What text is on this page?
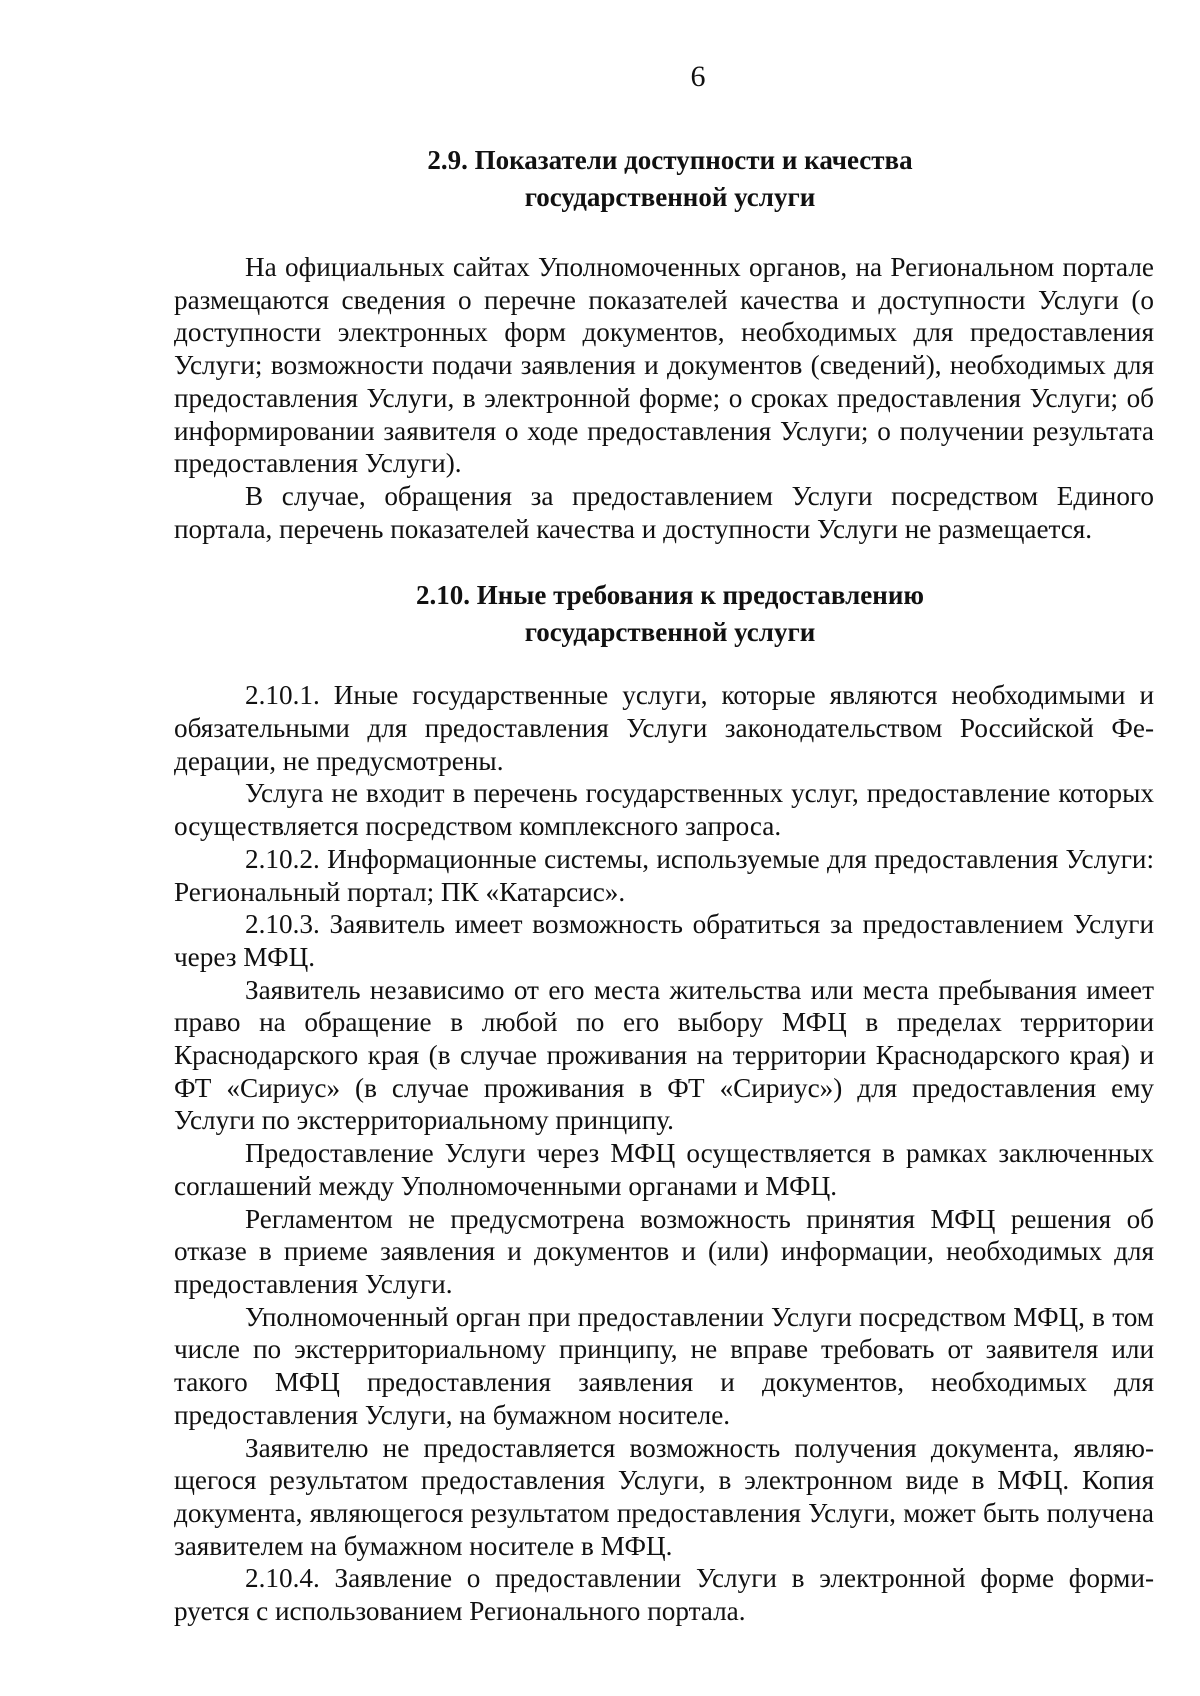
6
2.9. Показатели доступности и качества
государственной услуги

На официальных сайтах Уполномоченных органов, на Региональном портале размещаются сведения о перечне показателей качества и доступности Услуги (о доступности электронных форм документов, необходимых для предоставления Услуги; возможности подачи заявления и документов (сведений), необходимых для предоставления Услуги, в электронной форме; о сроках предоставления Услуги; об информировании заявителя о ходе предоставления Услуги; о получении результата предоставления Услуги).

В случае, обращения за предоставлением Услуги посредством Единого портала, перечень показателей качества и доступности Услуги не размещается.

2.10. Иные требования к предоставлению
государственной услуги

2.10.1. Иные государственные услуги, которые являются необходимыми и обязательными для предоставления Услуги законодательством Российской Федерации, не предусмотрены.

Услуга не входит в перечень государственных услуг, предоставление которых осуществляется посредством комплексного запроса.

2.10.2. Информационные системы, используемые для предоставления Услуги: Региональный портал; ПК «Катарсис».

2.10.3. Заявитель имеет возможность обратиться за предоставлением Услуги через МФЦ.

Заявитель независимо от его места жительства или места пребывания имеет право на обращение в любой по его выбору МФЦ в пределах территории Краснодарского края (в случае проживания на территории Краснодарского края) и ФТ «Сириус» (в случае проживания в ФТ «Сириус») для предоставления ему Услуги по экстерриториальному принципу.

Предоставление Услуги через МФЦ осуществляется в рамках заключенных соглашений между Уполномоченными органами и МФЦ.

Регламентом не предусмотрена возможность принятия МФЦ решения об отказе в приеме заявления и документов и (или) информации, необходимых для предоставления Услуги.

Уполномоченный орган при предоставлении Услуги посредством МФЦ, в том числе по экстерриториальному принципу, не вправе требовать от заявителя или такого МФЦ предоставления заявления и документов, необходимых для предоставления Услуги, на бумажном носителе.

Заявителю не предоставляется возможность получения документа, являющегося результатом предоставления Услуги, в электронном виде в МФЦ. Копия документа, являющегося результатом предоставления Услуги, может быть получена заявителем на бумажном носителе в МФЦ.

2.10.4. Заявление о предоставлении Услуги в электронной форме формируется с использованием Регионального портала.
